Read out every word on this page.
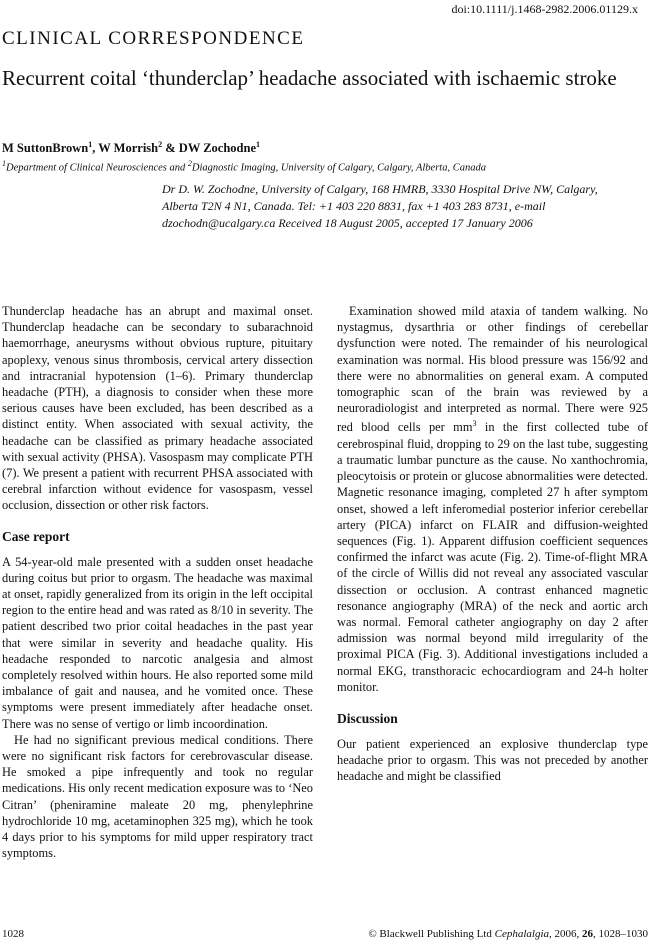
doi:10.1111/j.1468-2982.2006.01129.x
CLINICAL CORRESPONDENCE
Recurrent coital ‘thunderclap’ headache associated with ischaemic stroke
M SuttonBrown$^1$, W Morrish$^2$ & DW Zochodne$^1$
$^1$Department of Clinical Neurosciences and $^2$Diagnostic Imaging, University of Calgary, Calgary, Alberta, Canada
Dr D. W. Zochodne, University of Calgary, 168 HMRB, 3330 Hospital Drive NW, Calgary, Alberta T2N 4 N1, Canada. Tel: +1 403 220 8831, fax +1 403 283 8731, e-mail dzochodn@ucalgary.ca Received 18 August 2005, accepted 17 January 2006

Thunderclap headache has an abrupt and maximal onset. Thunderclap headache can be secondary to subarachnoid haemorrhage, aneurysms without obvious rupture, pituitary apoplexy, venous sinus thrombosis, cervical artery dissection and intracranial hypotension (1–6). Primary thunderclap headache (PTH), a diagnosis to consider when these more serious causes have been excluded, has been described as a distinct entity. When associated with sexual activity, the headache can be classified as primary headache associated with sexual activity (PHSA). Vasospasm may complicate PTH (7). We present a patient with recurrent PHSA associated with cerebral infarction without evidence for vasospasm, vessel occlusion, dissection or other risk factors.

Case report

A 54-year-old male presented with a sudden onset headache during coitus but prior to orgasm. The headache was maximal at onset, rapidly generalized from its origin in the left occipital region to the entire head and was rated as 8/10 in severity. The patient described two prior coital headaches in the past year that were similar in severity and headache quality. His headache responded to narcotic analgesia and almost completely resolved within hours. He also reported some mild imbalance of gait and nausea, and he vomited once. These symptoms were present immediately after headache onset. There was no sense of vertigo or limb incoordination.

He had no significant previous medical conditions. There were no significant risk factors for cerebrovascular disease. He smoked a pipe infrequently and took no regular medications. His only recent medication exposure was to ‘Neo Citran’ (pheniramine maleate 20 mg, phenylephrine hydrochloride 10 mg, acetaminophen 325 mg), which he took 4 days prior to his symptoms for mild upper respiratory tract symptoms.

Examination showed mild ataxia of tandem walking. No nystagmus, dysarthria or other findings of cerebellar dysfunction were noted. The remainder of his neurological examination was normal. His blood pressure was 156/92 and there were no abnormalities on general exam. A computed tomographic scan of the brain was reviewed by a neuroradiologist and interpreted as normal. There were 925 red blood cells per $mm^3$ in the first collected tube of cerebrospinal fluid, dropping to 29 on the last tube, suggesting a traumatic lumbar puncture as the cause. No xanthochromia, pleocytoisis or protein or glucose abnormalities were detected. Magnetic resonance imaging, completed 27 h after symptom onset, showed a left inferomedial posterior inferior cerebellar artery (PICA) infarct on FLAIR and diffusion-weighted sequences (Fig. 1). Apparent diffusion coefficient sequences confirmed the infarct was acute (Fig. 2). Time-of-flight MRA of the circle of Willis did not reveal any associated vascular dissection or occlusion. A contrast enhanced magnetic resonance angiography (MRA) of the neck and aortic arch was normal. Femoral catheter angiography on day 2 after admission was normal beyond mild irregularity of the proximal PICA (Fig. 3). Additional investigations included a normal EKG, transthoracic echocardiogram and 24-h holter monitor.

Discussion

Our patient experienced an explosive thunderclap type headache prior to orgasm. This was not preceded by another headache and might be classified

1028	© Blackwell Publishing Ltd Cephalalgia, 2006, 26, 1028–1030
